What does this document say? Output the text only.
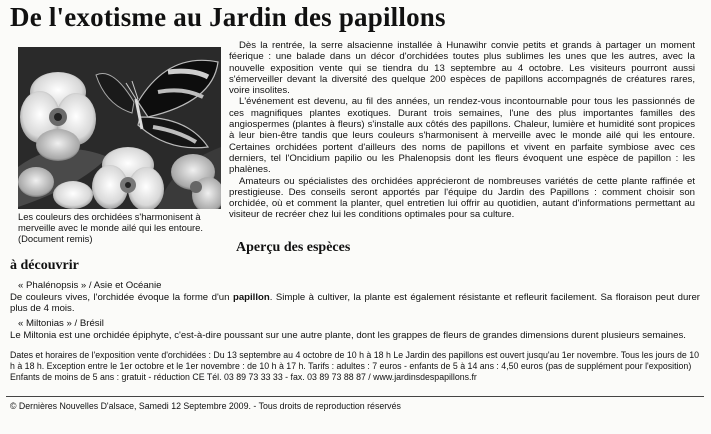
De l'exotisme au Jardin des papillons
Les couleurs des orchidées s'harmonisent à merveille avec le monde ailé qui les entoure. (Document remis)
Dès la rentrée, la serre alsacienne installée à Hunawihr convie petits et grands à partager un moment féerique : une balade dans un décor d'orchidées toutes plus sublimes les unes que les autres, avec la nouvelle exposition vente qui se tiendra du 13 septembre au 4 octobre. Les visiteurs pourront aussi s'émerveiller devant la diversité des quelque 200 espèces de papillons accompagnés de créatures rares, voire insolites.
L'événement est devenu, au fil des années, un rendez-vous incontournable pour tous les passionnés de ces magnifiques plantes exotiques. Durant trois semaines, l'une des plus importantes familles des angiospermes (plantes à fleurs) s'installe aux côtés des papillons. Chaleur, lumière et humidité sont propices à leur bien-être tandis que leurs couleurs s'harmonisent à merveille avec le monde ailé qui les entoure. Certaines orchidées portent d'ailleurs des noms de papillons et vivent en parfaite symbiose avec ces derniers, tel l'Oncidium papilio ou les Phalenopsis dont les fleurs évoquent une espèce de papillon : les phalènes.
Amateurs ou spécialistes des orchidées apprécieront de nombreuses variétés de cette plante raffinée et prestigieuse. Des conseils seront apportés par l'équipe du Jardin des Papillons : comment choisir son orchidée, où et comment la planter, quel entretien lui offrir au quotidien, autant d'informations permettant au visiteur de recréer chez lui les conditions optimales pour sa culture.
Aperçu des espèces
à découvrir
« Phalénopsis » / Asie et Océanie
De couleurs vives, l'orchidée évoque la forme d'un papillon. Simple à cultiver, la plante est également résistante et refleurit facilement. Sa floraison peut durer plus de 4 mois.
« Miltonias » / Brésil
Le Miltonia est une orchidée épiphyte, c'est-à-dire poussant sur une autre plante, dont les grappes de fleurs de grandes dimensions durent plusieurs semaines.
Dates et horaires de l'exposition vente d'orchidées : Du 13 septembre au 4 octobre de 10 h à 18 h Le Jardin des papillons est ouvert jusqu'au 1er novembre. Tous les jours de 10 h à 18 h. Exception entre le 1er octobre et le 1er novembre : de 10 h à 17 h. Tarifs : adultes : 7 euros - enfants de 5 à 14 ans : 4,50 euros (pas de supplément pour l'exposition) Enfants de moins de 5 ans : gratuit - réduction CE Tél. 03 89 73 33 33 - fax. 03 89 73 88 87 / www.jardinsdespapillons.fr
© Dernières Nouvelles D'alsace, Samedi 12 Septembre 2009. - Tous droits de reproduction réservés
